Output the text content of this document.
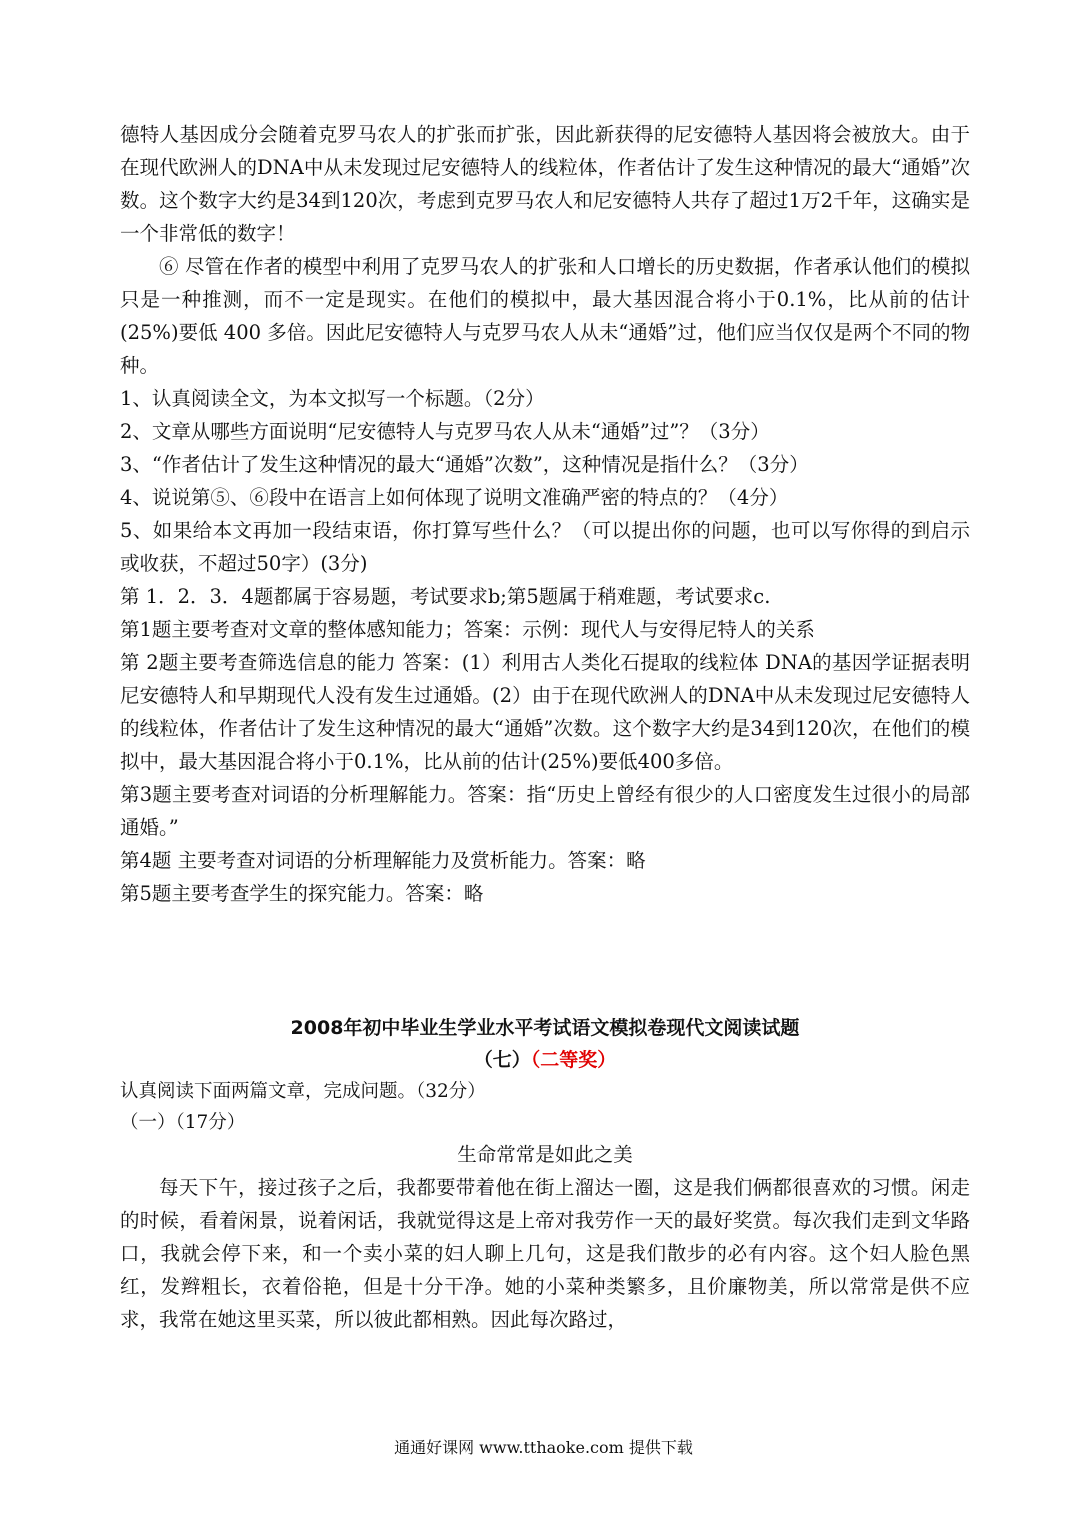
德特人基因成分会随着克罗马农人的扩张而扩张，因此新获得的尼安德特人基因将会被放大。由于在现代欧洲人的DNA中从未发现过尼安德特人的线粒体，作者估计了发生这种情况的最大“通婚”次数。这个数字大约是34到120次，考虑到克罗马农人和尼安德特人共存了超过1万2千年，这确实是一个非常低的数字！

⑥ 尽管在作者的模型中利用了克罗马农人的扩张和人口增长的历史数据，作者承认他们的模拟只是一种推测，而不一定是现实。在他们的模拟中，最大基因混合将小于0.1%，比从前的估计(25%)要低 400 多倍。因此尼安德特人与克罗马农人从未“通婚”过，他们应当仅仅是两个不同的物种。

1、认真阅读全文，为本文拟写一个标题。（2分）

2、文章从哪些方面说明“尼安德特人与克罗马农人从未“通婚”过”？（3分）

3、“作者估计了发生这种情况的最大“通婚”次数”，这种情况是指什么？（3分）

4、说说第⑤、⑥段中在语言上如何体现了说明文准确严密的特点的？（4分）

5、如果给本文再加一段结束语，你打算写些什么？（可以提出你的问题，也可以写你得的到启示或收获，不超过50字）(3分)

第 1．2．3．4题都属于容易题，考试要求b;第5题属于稍难题，考试要求c.

第1题主要考查对文章的整体感知能力；答案：示例：现代人与安得尼特人的关系

第 2题主要考查筛选信息的能力 答案：(1）利用古人类化石提取的线粒体 DNA的基因学证据表明尼安德特人和早期现代人没有发生过通婚。(2）由于在现代欧洲人的DNA中从未发现过尼安德特人的线粒体，作者估计了发生这种情况的最大“通婚”次数。这个数字大约是34到120次，在他们的模拟中，最大基因混合将小于0.1%，比从前的估计(25%)要低400多倍。

第3题主要考查对词语的分析理解能力。答案：指“历史上曾经有很少的人口密度发生过很小的局部通婚。”

第4题 主要考查对词语的分析理解能力及赏析能力。答案：略

第5题主要考查学生的探究能力。答案：略

2008年初中毕业生学业水平考试语文模拟卷现代文阅读试题

（七）（二等奖）

认真阅读下面两篇文章，完成问题。（32分）

（一）（17分）

生命常常是如此之美

每天下午，接过孩子之后，我都要带着他在街上溜达一圈，这是我们俩都很喜欢的习惯。闲走的时候，看着闲景，说着闲话，我就觉得这是上帝对我劳作一天的最好奖赏。每次我们走到文华路口，我就会停下来，和一个卖小菜的妇人聊上几句，这是我们散步的必有内容。这个妇人脸色黑红，发辫粗长，衣着俗艳，但是十分干净。她的小菜种类繁多，且价廉物美，所以常常是供不应求，我常在她这里买菜，所以彼此都相熟。因此每次路过，

通通好课网 www.tthaoke.com 提供下载
